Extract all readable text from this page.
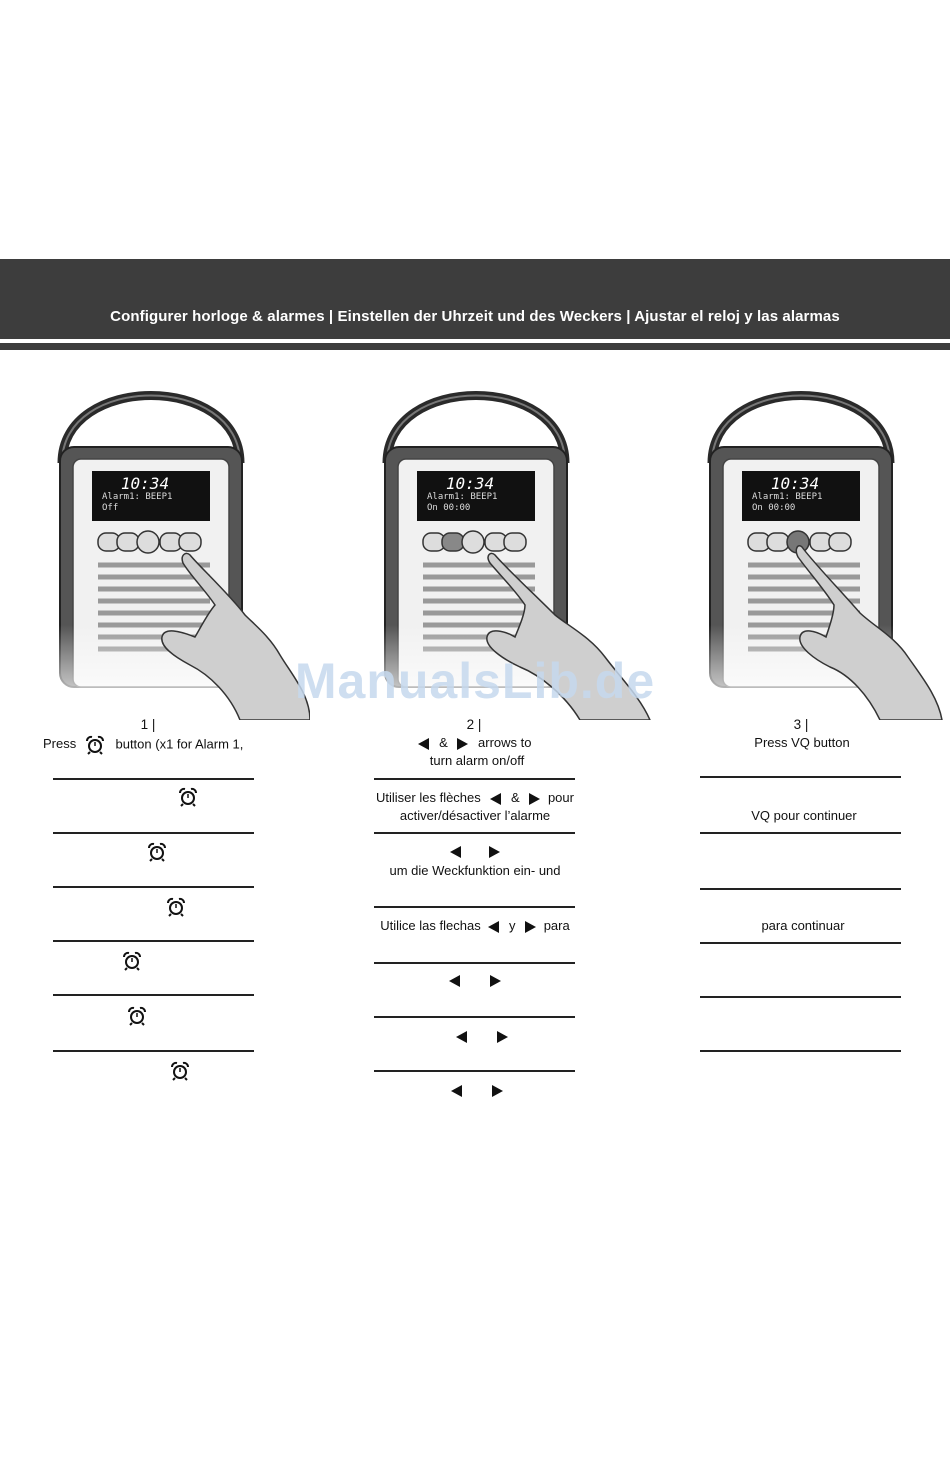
Configurer horloge & alarmes | Einstellen der Uhrzeit und des Weckers | Ajustar el reloj y las alarmas
10:34
Alarm1: BEEP1
Off
10:34
Alarm1: BEEP1
On 00:00
10:34
Alarm1: BEEP1
On 00:00
ManualsLib.de
1 |
Press	button (x1 for Alarm 1,
2 |
& arrows to
turn alarm on/off
Utiliser les flèches & pour
activer/désactiver l’alarme

um die Weckfunktion ein- und
Utilice las flechas y para

3 |
Press VQ button
VQ pour continuer
para continuar
